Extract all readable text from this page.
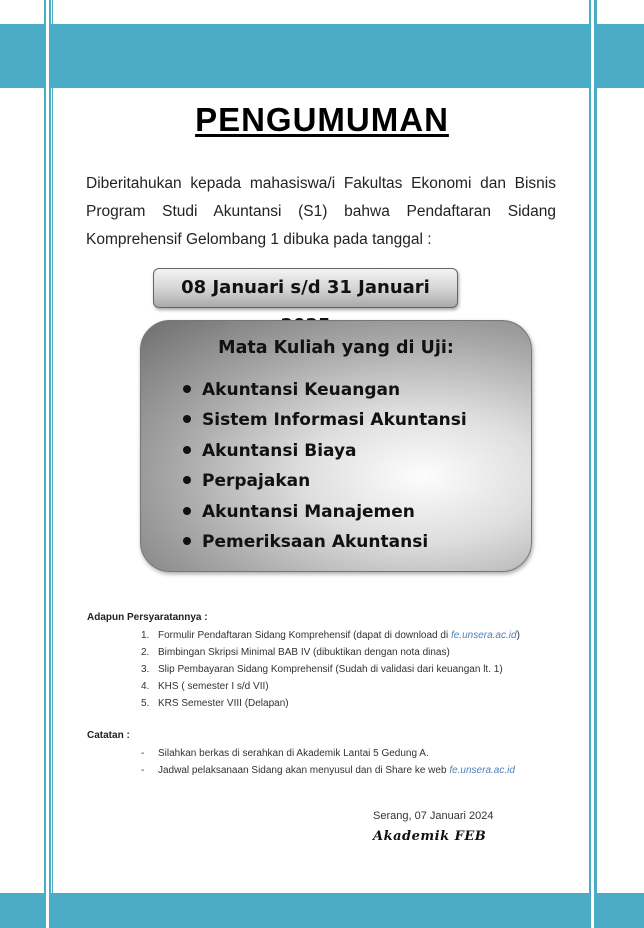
PENGUMUMAN
Diberitahukan kepada mahasiswa/i Fakultas Ekonomi dan Bisnis Program Studi Akuntansi (S1) bahwa Pendaftaran Sidang Komprehensif Gelombang 1 dibuka pada tanggal :
08 Januari s/d 31 Januari
Mata Kuliah yang di Uji:
Akuntansi Keuangan
Sistem Informasi Akuntansi
Akuntansi Biaya
Perpajakan
Akuntansi Manajemen
Pemeriksaan Akuntansi
Adapun Persyaratannya :
1. Formulir Pendaftaran Sidang Komprehensif (dapat di download di fe.unsera.ac.id)
2. Bimbingan Skripsi Minimal BAB IV (dibuktikan dengan nota dinas)
3. Slip Pembayaran Sidang Komprehensif (Sudah di validasi dari keuangan lt. 1)
4. KHS ( semester I s/d VII)
5. KRS Semester VIII (Delapan)
Catatan :
- Silahkan berkas di serahkan di Akademik Lantai 5 Gedung A.
- Jadwal pelaksanaan Sidang akan menyusul dan di Share ke web fe.unsera.ac.id
Serang, 07 Januari 2024
Akademik FEB
